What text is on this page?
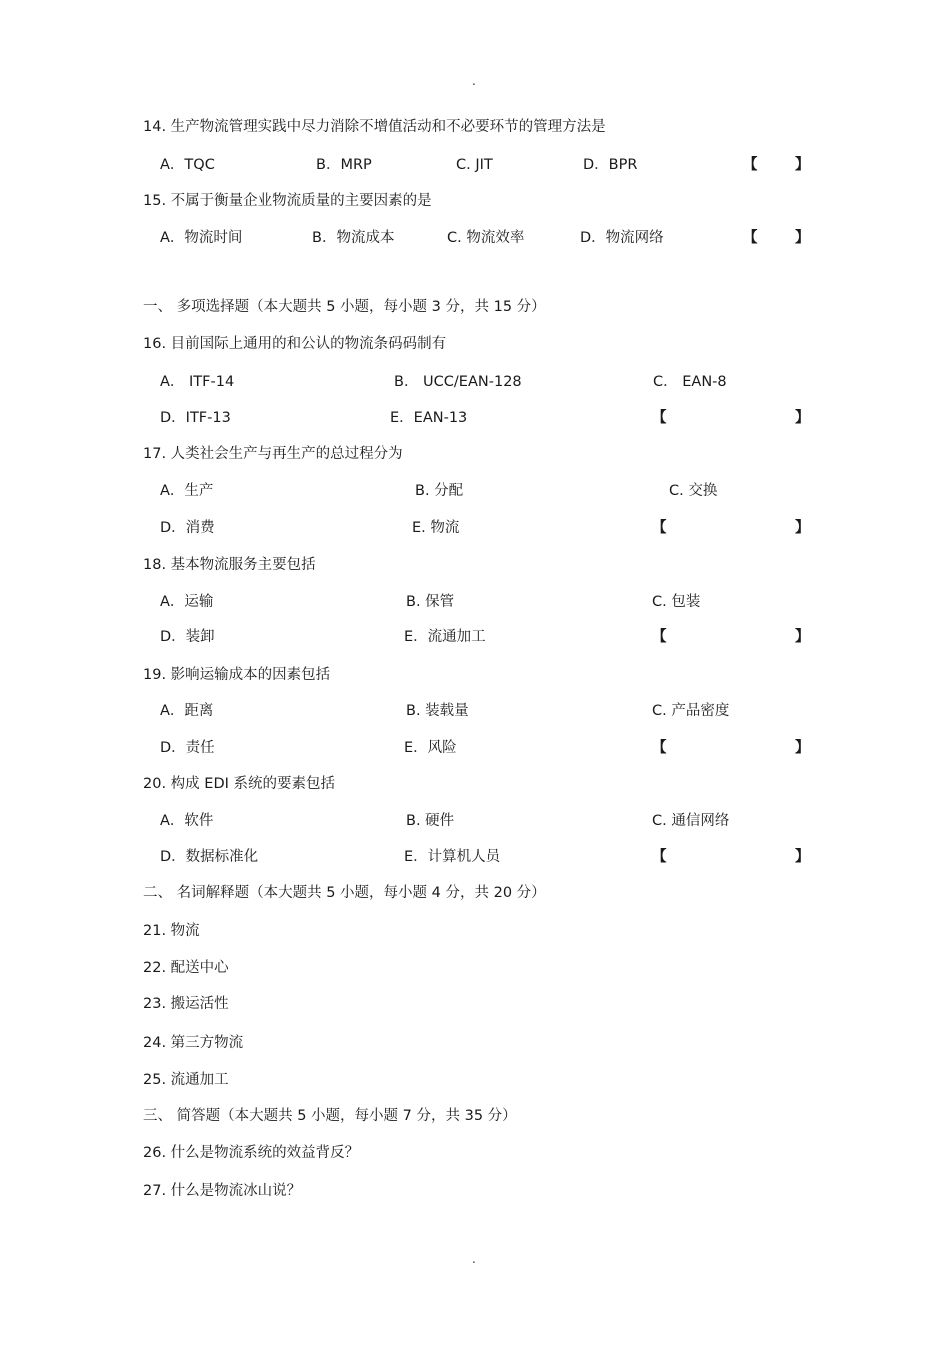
.
14. 生产物流管理实践中尽力消除不增值活动和不必要环节的管理方法是
A．TQC	B．MRP	C. JIT	D．BPR	【	】
15. 不属于衡量企业物流质量的主要因素的是
A．物流时间	B．物流成本	C. 物流效率	D．物流网络	【	】
一、 多项选择题（本大题共 5 小题，每小题 3 分，共 15 分）
16. 目前国际上通用的和公认的物流条码码制有
A． ITF-14	B． UCC/EAN-128	C． EAN-8
D．ITF-13	E．EAN-13	【	】
17. 人类社会生产与再生产的总过程分为
A．生产	B. 分配	C. 交换
D．消费	E. 物流	【	】
18. 基本物流服务主要包括
A．运输	B. 保管	C. 包装
D．装卸	E．流通加工	【	】
19. 影响运输成本的因素包括
A．距离	B. 装载量	C. 产品密度
D．责任	E．风险	【	】
20. 构成 EDI 系统的要素包括
A．软件	B. 硬件	C. 通信网络
D．数据标准化	E．计算机人员	【	】
二、 名词解释题（本大题共 5 小题，每小题 4 分，共 20 分）
21. 物流
22. 配送中心
23. 搬运活性
24. 第三方物流
25. 流通加工
三、 简答题（本大题共 5 小题，每小题 7 分，共 35 分）
26. 什么是物流系统的效益背反？
27. 什么是物流冰山说？
.
